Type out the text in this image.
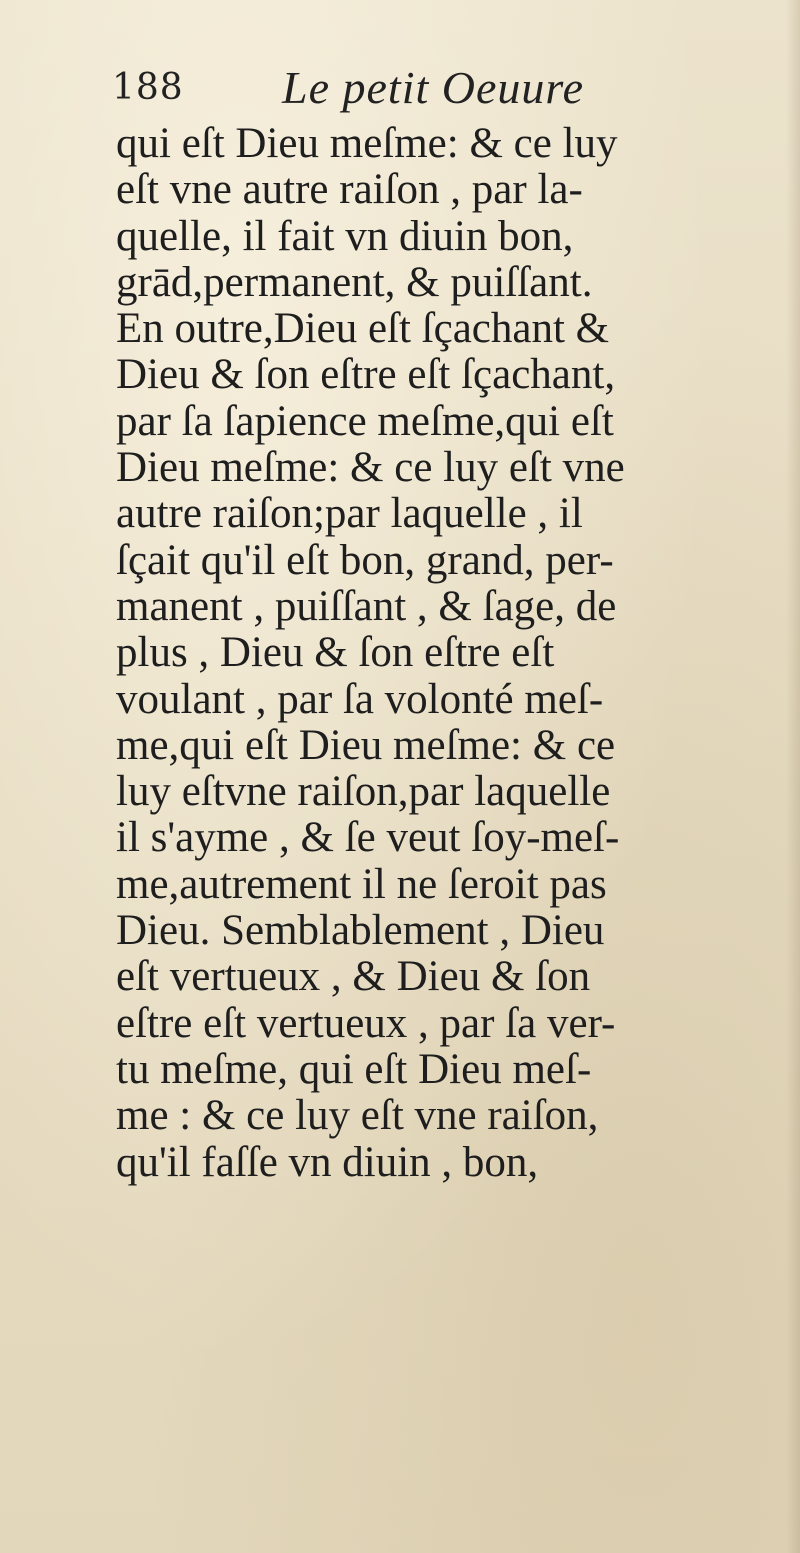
188 Le petit Oeuure
qui eſt Dieu meſme: & ce luy
eſt vne autre raiſon , par la-
quelle, il fait vn diuin bon,
grād,permanent, & puiſſant.
En outre,Dieu eſt ſçachant &
Dieu & ſon eſtre eſt ſçachant,
par ſa ſapience meſme,qui eſt
Dieu meſme: & ce luy eſt vne
autre raiſon;par laquelle , il
ſçait qu'il eſt bon, grand, per-
manent , puiſſant , & ſage, de
plus , Dieu & ſon eſtre eſt
voulant , par ſa volonté meſ-
me,qui eſt Dieu meſme: & ce
luy eſtvne raiſon,par laquelle
il s'ayme , & ſe veut ſoy-meſ-
me,autrement il ne ſeroit pas
Dieu. Semblablement , Dieu
eſt vertueux , & Dieu & ſon
eſtre eſt vertueux , par ſa ver-
tu meſme, qui eſt Dieu meſ-
me : & ce luy eſt vne raiſon,
qu'il faſſe vn diuin , bon,
